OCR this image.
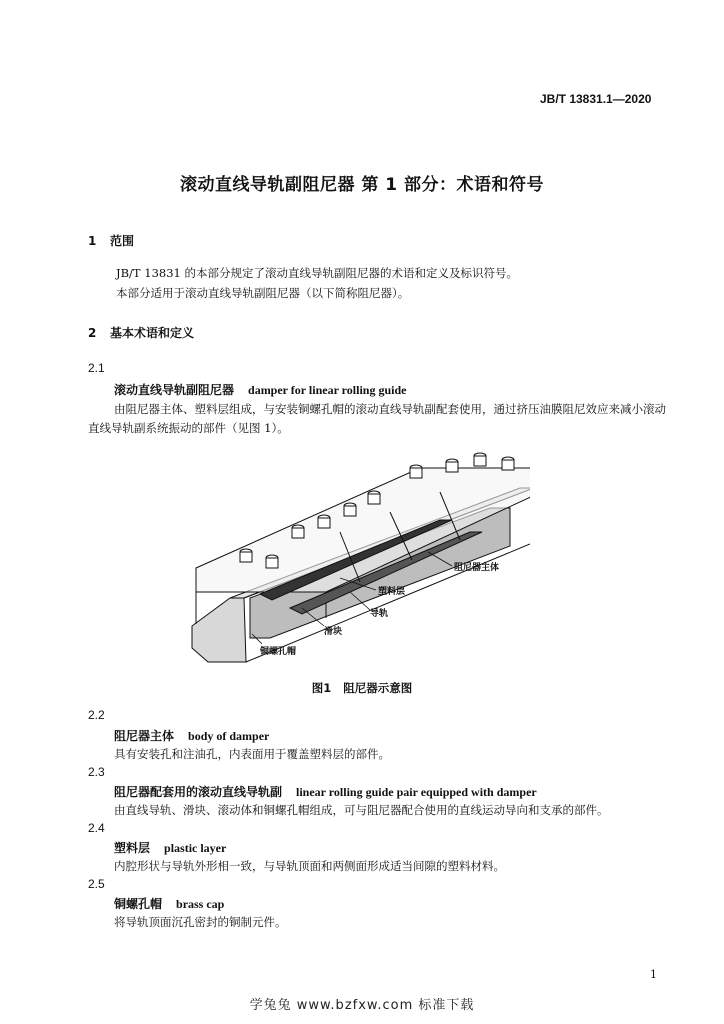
JB/T 13831.1—2020
滚动直线导轨副阻尼器 第 1 部分：术语和符号
1 范围
JB/T 13831 的本部分规定了滚动直线导轨副阻尼器的术语和定义及标识符号。
本部分适用于滚动直线导轨副阻尼器（以下简称阻尼器）。
2 基本术语和定义
2.1
滚动直线导轨副阻尼器 damper for linear rolling guide
由阻尼器主体、塑料层组成，与安装铜螺孔帽的滚动直线导轨副配套使用，通过挤压油膜阻尼效应来减小滚动直线导轨副系统振动的部件（见图 1）。
阻尼器主体
塑料层
导轨
滑块
铜螺孔帽
图1 阻尼器示意图
2.2
阻尼器主体 body of damper
具有安装孔和注油孔，内表面用于覆盖塑料层的部件。
2.3
阻尼器配套用的滚动直线导轨副 linear rolling guide pair equipped with damper
由直线导轨、滑块、滚动体和铜螺孔帽组成，可与阻尼器配合使用的直线运动导向和支承的部件。
2.4
塑料层 plastic layer
内腔形状与导轨外形相一致，与导轨顶面和两侧面形成适当间隙的塑料材料。
2.5
铜螺孔帽 brass cap
将导轨顶面沉孔密封的铜制元件。
1
学兔兔 www.bzfxw.com 标准下载
